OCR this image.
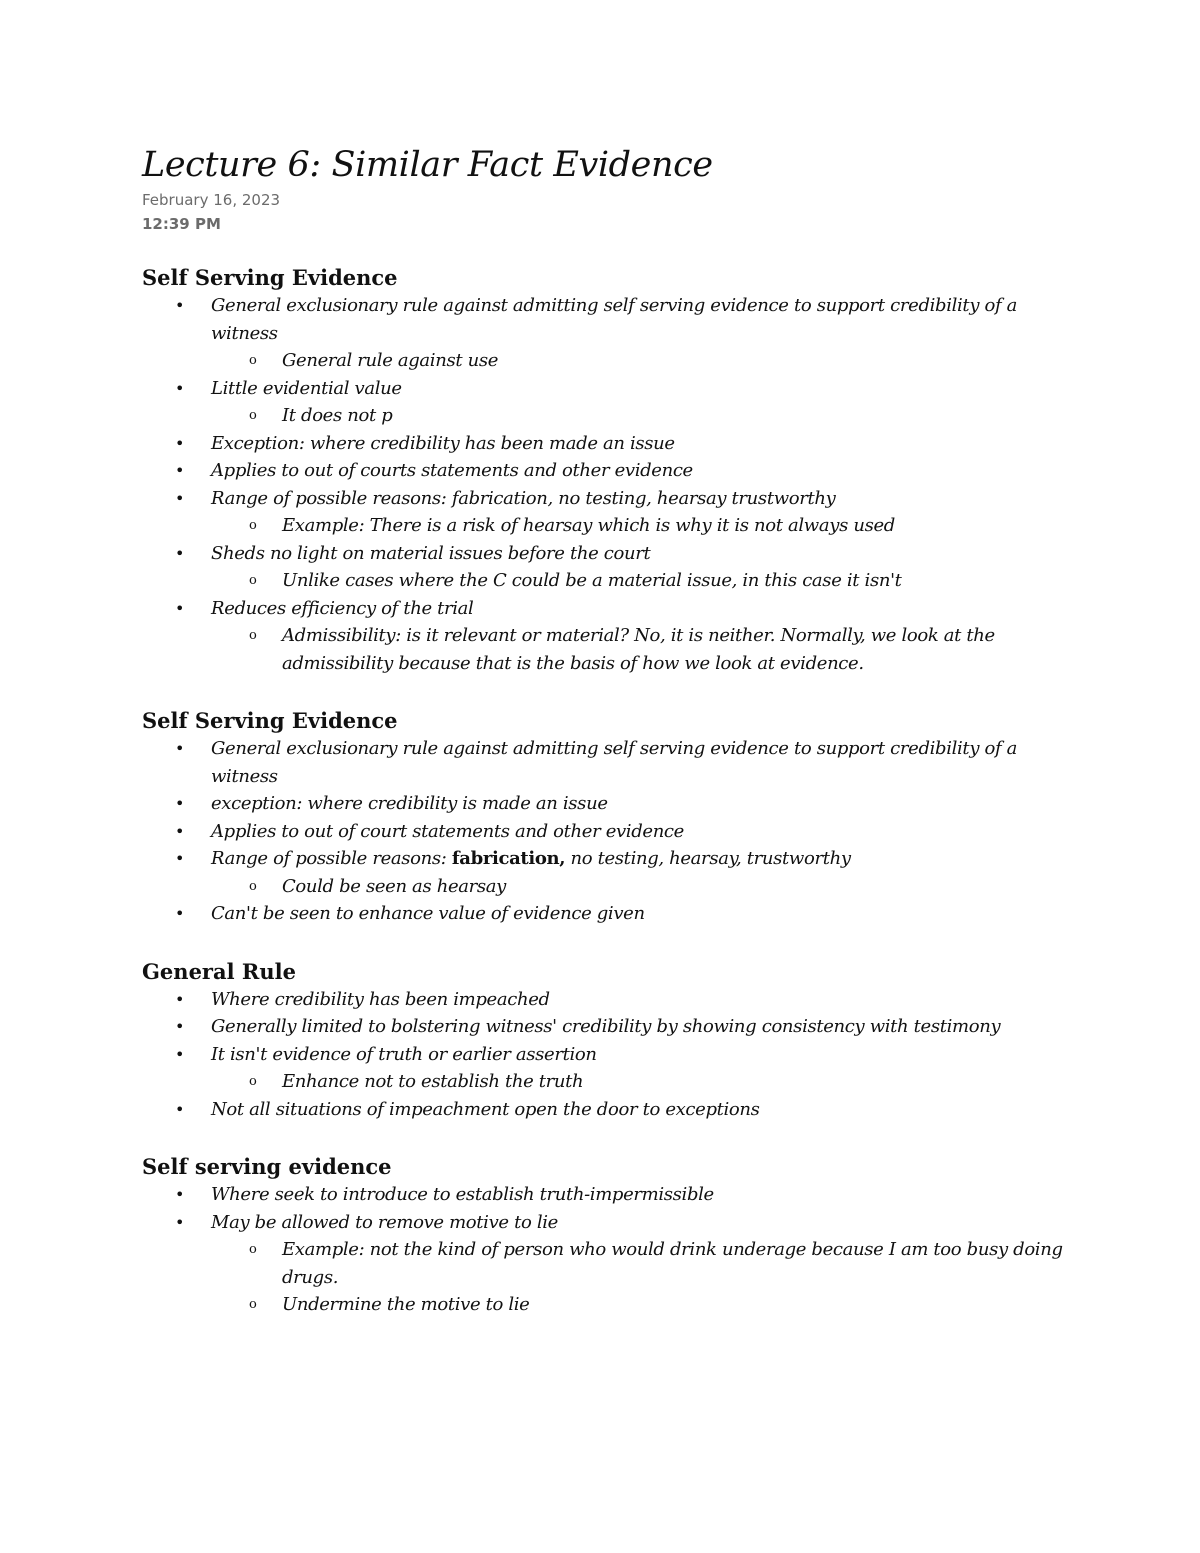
Lecture 6: Similar Fact Evidence
February 16, 2023
12:39 PM
Self Serving Evidence
• General exclusionary rule against admitting self serving evidence to support credibility of a witness
o General rule against use
• Little evidential value
o It does not p
• Exception: where credibility has been made an issue
• Applies to out of courts statements and other evidence
• Range of possible reasons: fabrication, no testing, hearsay trustworthy
o Example: There is a risk of hearsay which is why it is not always used
• Sheds no light on material issues before the court
o Unlike cases where the C could be a material issue, in this case it isn't
• Reduces efficiency of the trial
o Admissibility: is it relevant or material? No, it is neither. Normally, we look at the admissibility because that is the basis of how we look at evidence.
Self Serving Evidence
• General exclusionary rule against admitting self serving evidence to support credibility of a witness
• exception: where credibility is made an issue
• Applies to out of court statements and other evidence
• Range of possible reasons: fabrication, no testing, hearsay, trustworthy
o Could be seen as hearsay
• Can't be seen to enhance value of evidence given
General Rule
• Where credibility has been impeached
• Generally limited to bolstering witness' credibility by showing consistency with testimony
• It isn't evidence of truth or earlier assertion
o Enhance not to establish the truth
• Not all situations of impeachment open the door to exceptions
Self serving evidence
• Where seek to introduce to establish truth-impermissible
• May be allowed to remove motive to lie
o Example: not the kind of person who would drink underage because I am too busy doing drugs.
o Undermine the motive to lie
